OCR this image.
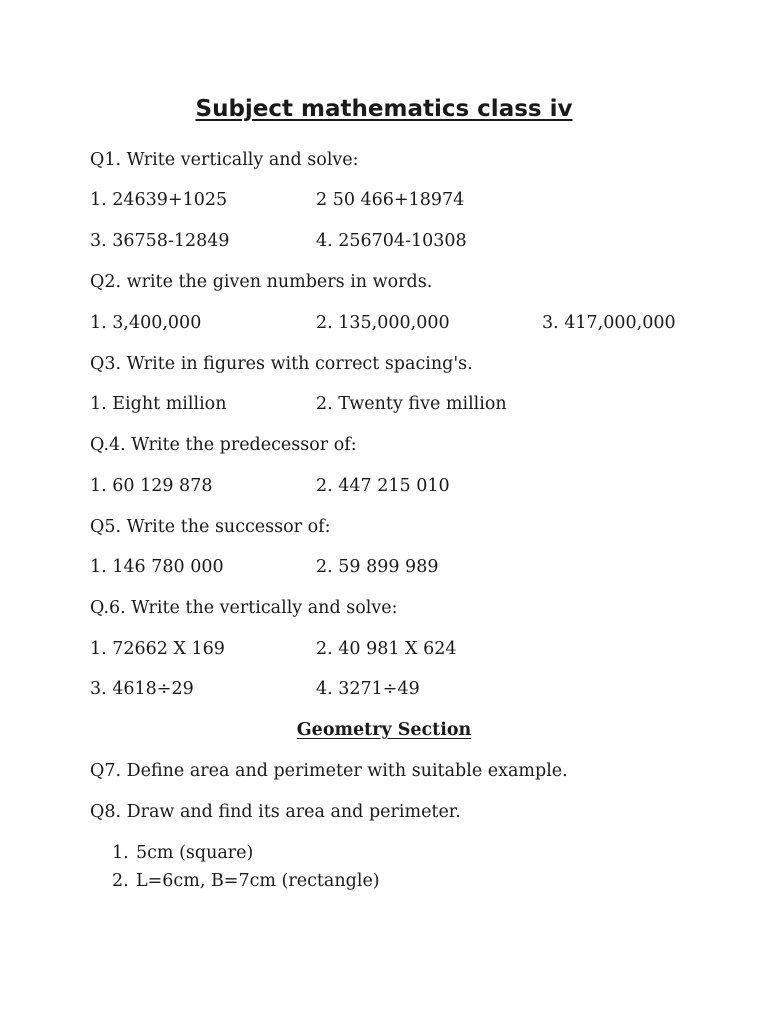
Subject mathematics class iv
Q1. Write vertically and solve:
1. 24639+1025	2 50 466+18974
3. 36758-12849	4. 256704-10308
Q2. write the given numbers in words.
1. 3,400,000	2. 135,000,000	3. 417,000,000
Q3. Write in figures with correct spacing's.
1. Eight million	2. Twenty five million
Q.4. Write the predecessor of:
1. 60 129 878	2. 447 215 010
Q5. Write the successor of:
1. 146 780 000	2. 59 899 989
Q.6. Write the vertically and solve:
1. 72662 X 169	2. 40 981 X 624
3. 4618÷29	4. 3271÷49
Geometry Section
Q7. Define area and perimeter with suitable example.
Q8. Draw and find its area and perimeter.
1. 5cm (square)
2. L=6cm, B=7cm (rectangle)
